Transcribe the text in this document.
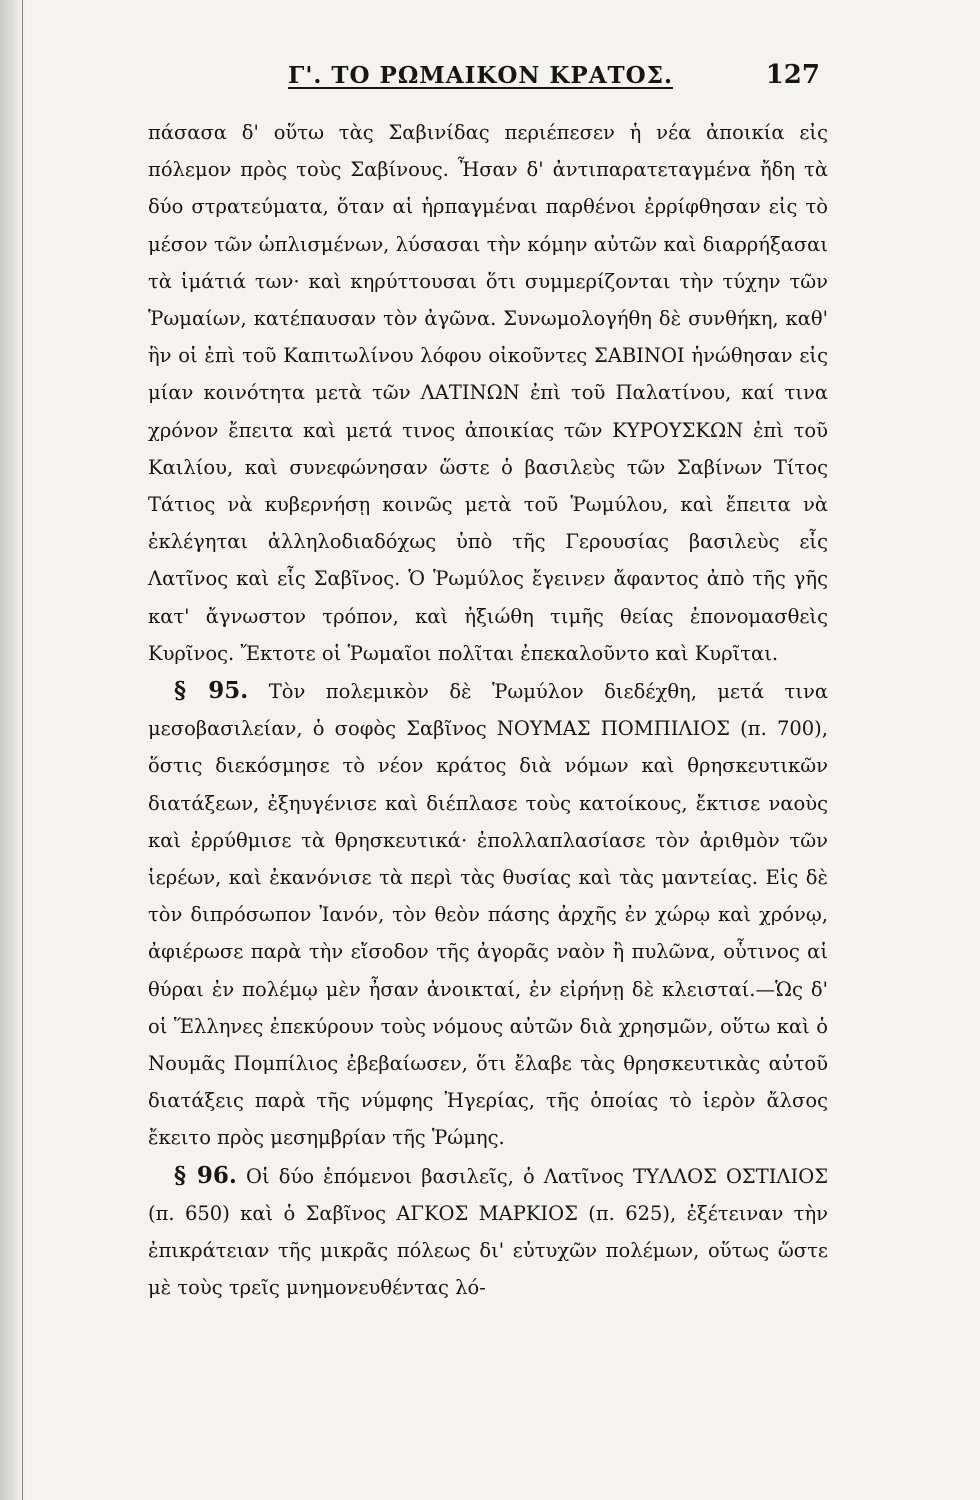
Γ'. ΤΟ ΡΩΜΑΙΚΟΝ ΚΡΑΤΟΣ.	127

πάσασα δ' οὕτω τὰς Σαβινίδας περιέπεσεν ἡ νέα ἀποικία εἰς πόλεμον πρὸς τοὺς Σαβίνους. Ἦσαν δ' ἀντιπαρατεταγμένα ἤδη τὰ δύο στρατεύματα, ὅταν αἱ ἡρπαγμέναι παρθένοι ἐρρίφθησαν εἰς τὸ μέσον τῶν ὡπλισμένων, λύσασαι τὴν κόμην αὐτῶν καὶ διαρρήξασαι τὰ ἱμάτιά των· καὶ κηρύττουσαι ὅτι συμμερίζονται τὴν τύχην τῶν Ῥωμαίων, κατέπαυσαν τὸν ἀγῶνα. Συνωμολογήθη δὲ συνθήκη, καθ' ἣν οἱ ἐπὶ τοῦ Καπιτωλίνου λόφου οἰκοῦντες ΣΑΒΙΝΟΙ ἡνώθησαν εἰς μίαν κοινότητα μετὰ τῶν ΛΑΤΙΝΩΝ ἐπὶ τοῦ Παλατίνου, καί τινα χρόνον ἔπειτα καὶ μετά τινος ἀποικίας τῶν ΚΥΡΟΥΣΚΩΝ ἐπὶ τοῦ Καιλίου, καὶ συνεφώνησαν ὥστε ὁ βασιλεὺς τῶν Σαβίνων Τίτος Τάτιος νὰ κυβερνήσῃ κοινῶς μετὰ τοῦ Ῥωμύλου, καὶ ἔπειτα νὰ ἐκλέγηται ἀλληλοδιαδόχως ὑπὸ τῆς Γερουσίας βασιλεὺς εἷς Λατῖνος καὶ εἷς Σαβῖνος. Ὁ Ῥωμύλος ἔγεινεν ἄφαντος ἀπὸ τῆς γῆς κατ' ἄγνωστον τρόπον, καὶ ἠξιώθη τιμῆς θείας ἐπονομασθεὶς Κυρῖνος. Ἔκτοτε οἱ Ῥωμαῖοι πολῖται ἐπεκαλοῦντο καὶ Κυρῖται.

§ 95. Τὸν πολεμικὸν δὲ Ῥωμύλον διεδέχθη, μετά τινα μεσοβασιλείαν, ὁ σοφὸς Σαβῖνος ΝΟΥΜΑΣ ΠΟΜΠΙΛΙΟΣ (π. 700), ὅστις διεκόσμησε τὸ νέον κράτος διὰ νόμων καὶ θρησκευτικῶν διατάξεων, ἐξηυγένισε καὶ διέπλασε τοὺς κατοίκους, ἔκτισε ναοὺς καὶ ἐρρύθμισε τὰ θρησκευτικά· ἐπολλαπλασίασε τὸν ἀριθμὸν τῶν ἱερέων, καὶ ἐκανόνισε τὰ περὶ τὰς θυσίας καὶ τὰς μαντείας. Εἰς δὲ τὸν διπρόσωπον Ἰανόν, τὸν θεὸν πάσης ἀρχῆς ἐν χώρῳ καὶ χρόνῳ, ἀφιέρωσε παρὰ τὴν εἴσοδον τῆς ἀγορᾶς ναὸν ἢ πυλῶνα, οὗτινος αἱ θύραι ἐν πολέμῳ μὲν ἦσαν ἀνοικταί, ἐν εἰρήνῃ δὲ κλεισταί.—Ὡς δ' οἱ Ἕλληνες ἐπεκύρουν τοὺς νόμους αὐτῶν διὰ χρησμῶν, οὕτω καὶ ὁ Νουμᾶς Πομπίλιος ἐβεβαίωσεν, ὅτι ἔλαβε τὰς θρησκευτικὰς αὐτοῦ διατάξεις παρὰ τῆς νύμφης Ἠγερίας, τῆς ὁποίας τὸ ἱερὸν ἄλσος ἔκειτο πρὸς μεσημβρίαν τῆς Ῥώμης.

§ 96. Οἱ δύο ἑπόμενοι βασιλεῖς, ὁ Λατῖνος ΤΥΛΛΟΣ ΟΣΤΙΛΙΟΣ (π. 650) καὶ ὁ Σαβῖνος ΑΓΚΟΣ ΜΑΡΚΙΟΣ (π. 625), ἐξέτειναν τὴν ἐπικράτειαν τῆς μικρᾶς πόλεως δι' εὐτυχῶν πολέμων, οὕτως ὥστε μὲ τοὺς τρεῖς μνημονευθέντας λό-
